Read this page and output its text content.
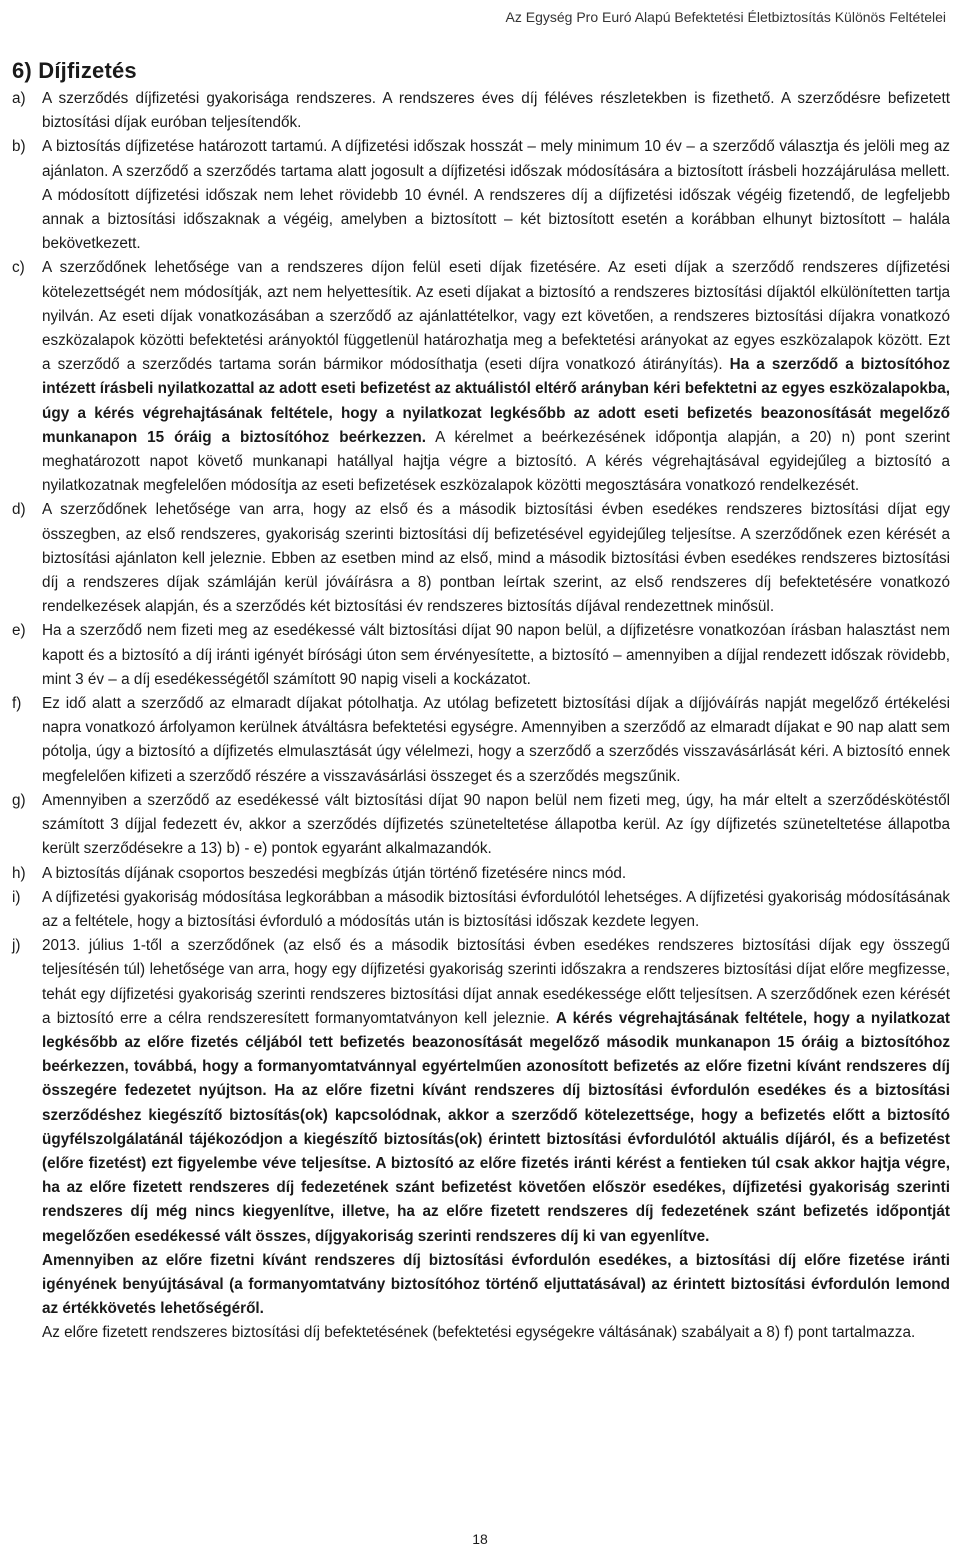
Az Egység Pro Euró Alapú Befektetési Életbiztosítás Különös Feltételei
6) Díjfizetés
a)	A szerződés díjfizetési gyakorisága rendszeres. A rendszeres éves díj féléves részletekben is fizethető. A szerződésre befizetett biztosítási díjak euróban teljesítendők.

b)	A biztosítás díjfizetése határozott tartamú. A díjfizetési időszak hosszát – mely minimum 10 év – a szerződő választja és jelöli meg az ajánlaton. A szerződő a szerződés tartama alatt jogosult a díjfizetési időszak módosítására a biztosított írásbeli hozzájárulása mellett. A módosított díjfizetési időszak nem lehet rövidebb 10 évnél. A rendszeres díj a díjfizetési időszak végéig fizetendő, de legfeljebb annak a biztosítási időszaknak a végéig, amelyben a biztosított – két biztosított esetén a korábban elhunyt biztosított – halála bekövetkezett.

c)	A szerződőnek lehetősége van a rendszeres díjon felül eseti díjak fizetésére. Az eseti díjak a szerződő rendszeres díjfizetési kötelezettségét nem módosítják, azt nem helyettesítik. Az eseti díjakat a biztosító a rendszeres biztosítási díjaktól elkülönítetten tartja nyilván. Az eseti díjak vonatkozásában a szerződő az ajánlattételkor, vagy ezt követően, a rendszeres biztosítási díjakra vonatkozó eszközalapok közötti befektetési arányoktól függetlenül határozhatja meg a befektetési arányokat az egyes eszközalapok között. Ezt a szerződő a szerződés tartama során bármikor módosíthatja (eseti díjra vonatkozó átirányítás). Ha a szerződő a biztosítóhoz intézett írásbeli nyilatkozattal az adott eseti befizetést az aktuálistól eltérő arányban kéri befektetni az egyes eszközalapokba, úgy a kérés végrehajtásának feltétele, hogy a nyilatkozat legkésőbb az adott eseti befizetés beazonosítását megelőző munkanapon 15 óráig a biztosítóhoz beérkezzen. A kérelmet a beérkezésének időpontja alapján, a 20) n) pont szerint meghatározott napot követő munkanapi hatállyal hajtja végre a biztosító. A kérés végrehajtásával egyidejűleg a biztosító a nyilatkozatnak megfelelően módosítja az eseti befizetések eszközalapok közötti megosztására vonatkozó rendelkezését.

d)	A szerződőnek lehetősége van arra, hogy az első és a második biztosítási évben esedékes rendszeres biztosítási díjat egy összegben, az első rendszeres, gyakoriság szerinti biztosítási díj befizetésével egyidejűleg teljesítse. A szerződőnek ezen kérését a biztosítási ajánlaton kell jeleznie. Ebben az esetben mind az első, mind a második biztosítási évben esedékes rendszeres biztosítási díj a rendszeres díjak számláján kerül jóváírásra a 8) pontban leírtak szerint, az első rendszeres díj befektetésére vonatkozó rendelkezések alapján, és a szerződés két biztosítási év rendszeres biztosítás díjával rendezettnek minősül.

e)	Ha a szerződő nem fizeti meg az esedékessé vált biztosítási díjat 90 napon belül, a díjfizetésre vonatkozóan írásban halasztást nem kapott és a biztosító a díj iránti igényét bírósági úton sem érvényesítette, a biztosító – amennyiben a díjjal rendezett időszak rövidebb, mint 3 év – a díj esedékességétől számított 90 napig viseli a kockázatot.

f)	Ez idő alatt a szerződő az elmaradt díjakat pótolhatja. Az utólag befizetett biztosítási díjak a díjjóváírás napját megelőző értékelési napra vonatkozó árfolyamon kerülnek átváltásra befektetési egységre. Amennyiben a szerződő az elmaradt díjakat e 90 nap alatt sem pótolja, úgy a biztosító a díjfizetés elmulasztását úgy vélelmezi, hogy a szerződő a szerződés visszavásárlását kéri. A biztosító ennek megfelelően kifizeti a szerződő részére a visszavásárlási összeget és a szerződés megszűnik.

g)	Amennyiben a szerződő az esedékessé vált biztosítási díjat 90 napon belül nem fizeti meg, úgy, ha már eltelt a szerződéskötéstől számított 3 díjjal fedezett év, akkor a szerződés díjfizetés szüneteltetése állapotba kerül. Az így díjfizetés szüneteltetése állapotba került szerződésekre a 13) b) - e) pontok egyaránt alkalmazandók.

h)	A biztosítás díjának csoportos beszedési megbízás útján történő fizetésére nincs mód.

i)	A díjfizetési gyakoriság módosítása legkorábban a második biztosítási évfordulótól lehetséges. A díjfizetési gyakoriság módosításának az a feltétele, hogy a biztosítási évforduló a módosítás után is biztosítási időszak kezdete legyen.

j)	2013. július 1-től a szerződőnek (az első és a második biztosítási évben esedékes rendszeres biztosítási díjak egy összegű teljesítésén túl) lehetősége van arra, hogy egy díjfizetési gyakoriság szerinti időszakra a rendszeres biztosítási díjat előre megfizesse, tehát egy díjfizetési gyakoriság szerinti rendszeres biztosítási díjat annak esedékessége előtt teljesítsen. A szerződőnek ezen kérését a biztosító erre a célra rendszeresített formanyomtatványon kell jeleznie. A kérés végrehajtásának feltétele, hogy a nyilatkozat legkésőbb az előre fizetés céljából tett befizetés beazonosítását megelőző második munkanapon 15 óráig a biztosítóhoz beérkezzen, továbbá, hogy a formanyomtatvánnyal egyértelműen azonosított befizetés az előre fizetni kívánt rendszeres díj összegére fedezetet nyújtson. Ha az előre fizetni kívánt rendszeres díj biztosítási évfordulón esedékes és a biztosítási szerződéshez kiegészítő biztosítás(ok) kapcsolódnak, akkor a szerződő kötelezettsége, hogy a befizetés előtt a biztosító ügyfélszolgálatánál tájékozódjon a kiegészítő biztosítás(ok) érintett biztosítási évfordulótól aktuális díjáról, és a befizetést (előre fizetést) ezt figyelembe véve teljesítse. A biztosító az előre fizetés iránti kérést a fentieken túl csak akkor hajtja végre, ha az előre fizetett rendszeres díj fedezetének szánt befizetést követően először esedékes, díjfizetési gyakoriság szerinti rendszeres díj még nincs kiegyenlítve, illetve, ha az előre fizetett rendszeres díj fedezetének szánt befizetés időpontját megelőzően esedékessé vált összes, díjgyakoriság szerinti rendszeres díj ki van egyenlítve.

Amennyiben az előre fizetni kívánt rendszeres díj biztosítási évfordulón esedékes, a biztosítási díj előre fizetése iránti igényének benyújtásával (a formanyomtatvány biztosítóhoz történő eljuttatásával) az érintett biztosítási évfordulón lemond az értékkövetés lehetőségéről.

Az előre fizetett rendszeres biztosítási díj befektetésének (befektetési egységekre váltásának) szabályait a 8) f) pont tartalmazza.

18
